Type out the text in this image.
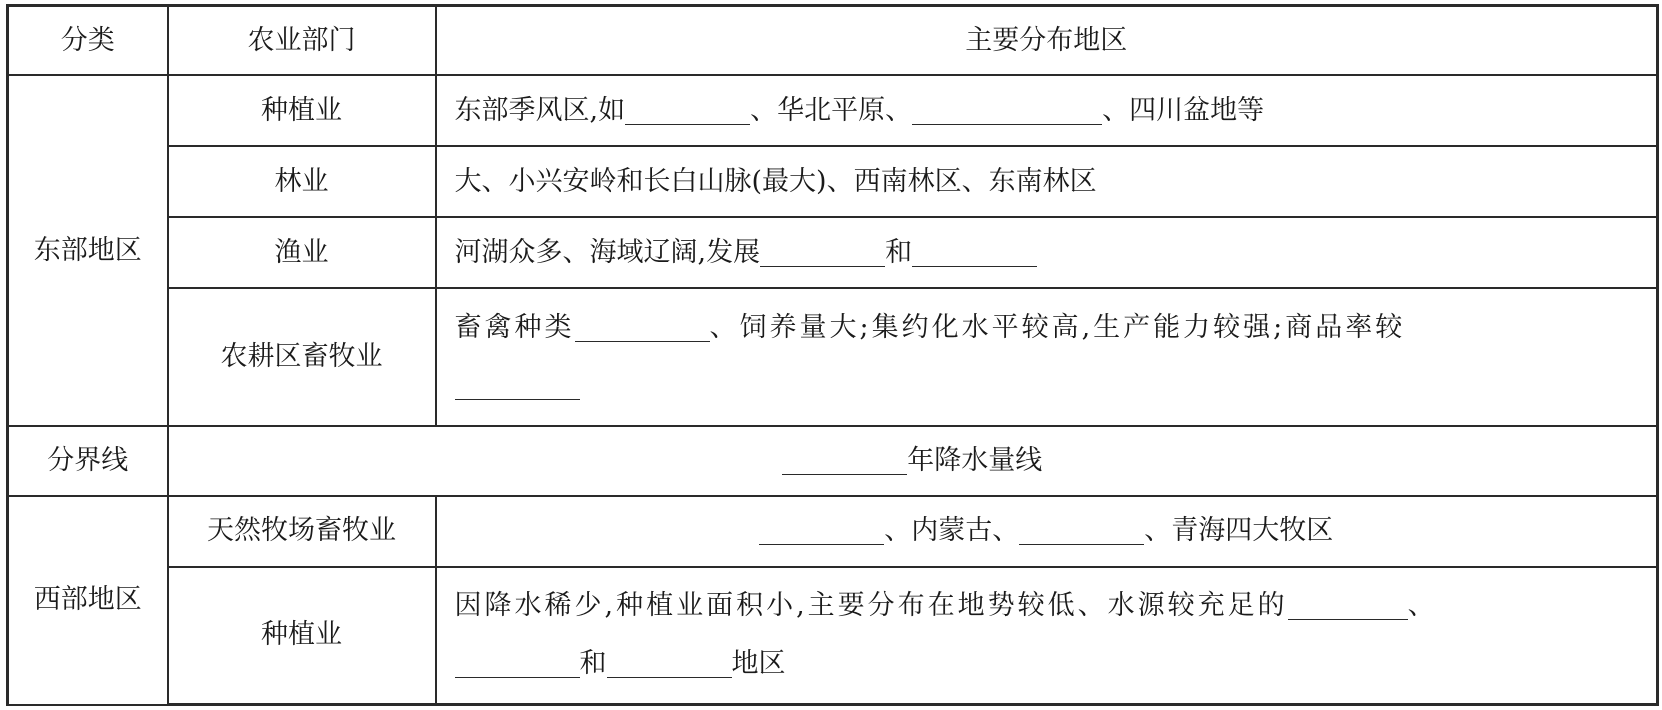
分类	农业部门	主要分布地区
东部地区	种植业	东部季风区,如 、华北平原、 、四川盆地等
	林业	大、小兴安岭和长白山脉(最大)、西南林区、东南林区
	渔业	河湖众多、海域辽阔,发展 和
	农耕区畜牧业	畜禽种类 、饲养量大;集约化水平较高,生产能力较强;商品率较

分界线	年降水量线	
西部地区	天然牧场畜牧业	、内蒙古、 、青海四大牧区
	种植业	因降水稀少,种植业面积小,主要分布在地势较低、水源较充足的 、
和 地区
